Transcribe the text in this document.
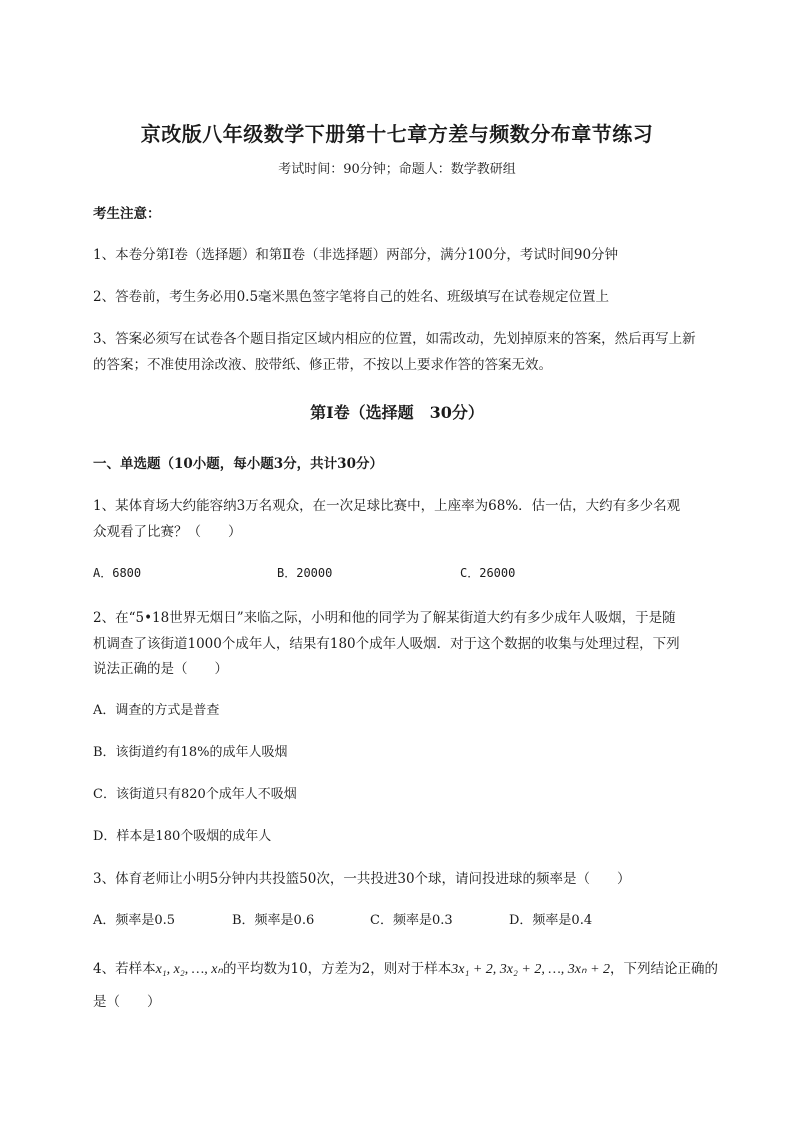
京改版八年级数学下册第十七章方差与频数分布章节练习
考试时间：90分钟；命题人：数学教研组
考生注意：
1、本卷分第I卷（选择题）和第Ⅱ卷（非选择题）两部分，满分100分，考试时间90分钟
2、答卷前，考生务必用0.5毫米黑色签字笔将自己的姓名、班级填写在试卷规定位置上
3、答案必须写在试卷各个题目指定区域内相应的位置，如需改动，先划掉原来的答案，然后再写上新
的答案；不准使用涂改液、胶带纸、修正带，不按以上要求作答的答案无效。
第I卷（选择题　30分）
一、单选题（10小题，每小题3分，共计30分）
1、某体育场大约能容纳3万名观众，在一次足球比赛中，上座率为68%．估一估，大约有多少名观
众观看了比赛？（　　）
A．6800	B．20000	C．26000
2、在“5•18世界无烟日”来临之际，小明和他的同学为了解某街道大约有多少成年人吸烟，于是随
机调查了该街道1000个成年人，结果有180个成年人吸烟．对于这个数据的收集与处理过程，下列
说法正确的是（　　）
A．调查的方式是普查
B．该街道约有18%的成年人吸烟
C．该街道只有820个成年人不吸烟
D．样本是180个吸烟的成年人
3、体育老师让小明5分钟内共投篮50次，一共投进30个球，请问投进球的频率是（　　）
A．频率是0.5	B．频率是0.6	C．频率是0.3	D．频率是0.4
4、若样本x₁, x₂, …, xₙ的平均数为10，方差为2，则对于样本3x₁ + 2, 3x₂ + 2, …, 3xₙ + 2，下列结论正确的
是（　　）
